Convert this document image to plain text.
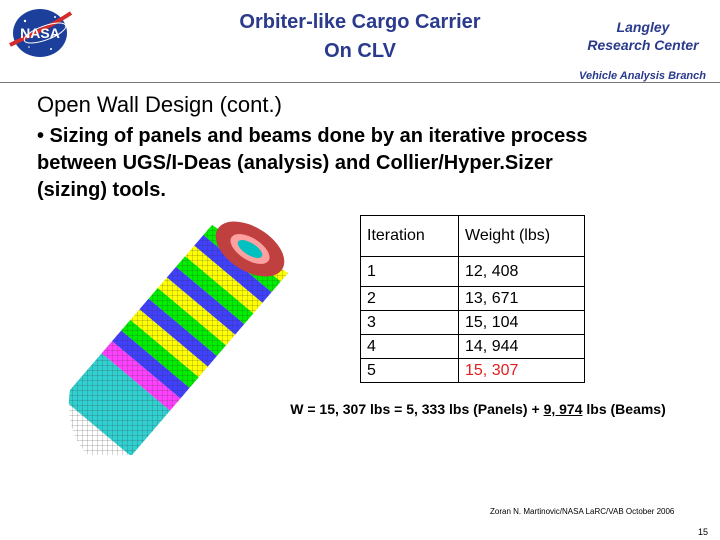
NASA	Orbiter-like Cargo Carrier
On CLV
Langley
Research Center
Vehicle Analysis Branch
Open Wall Design (cont.)
• Sizing of panels and beams done by an iterative process between UGS/I-Deas (analysis) and Collier/Hyper.Sizer (sizing) tools.
Iteration	Weight (lbs)
1	12, 408
2	13, 671
3	15, 104
4	14, 944
5	15, 307
W = 15, 307 lbs = 5, 333 lbs (Panels) + 9, 974 lbs (Beams)
Zoran N. Martinovic/NASA LaRC/VAB October 2006
15
